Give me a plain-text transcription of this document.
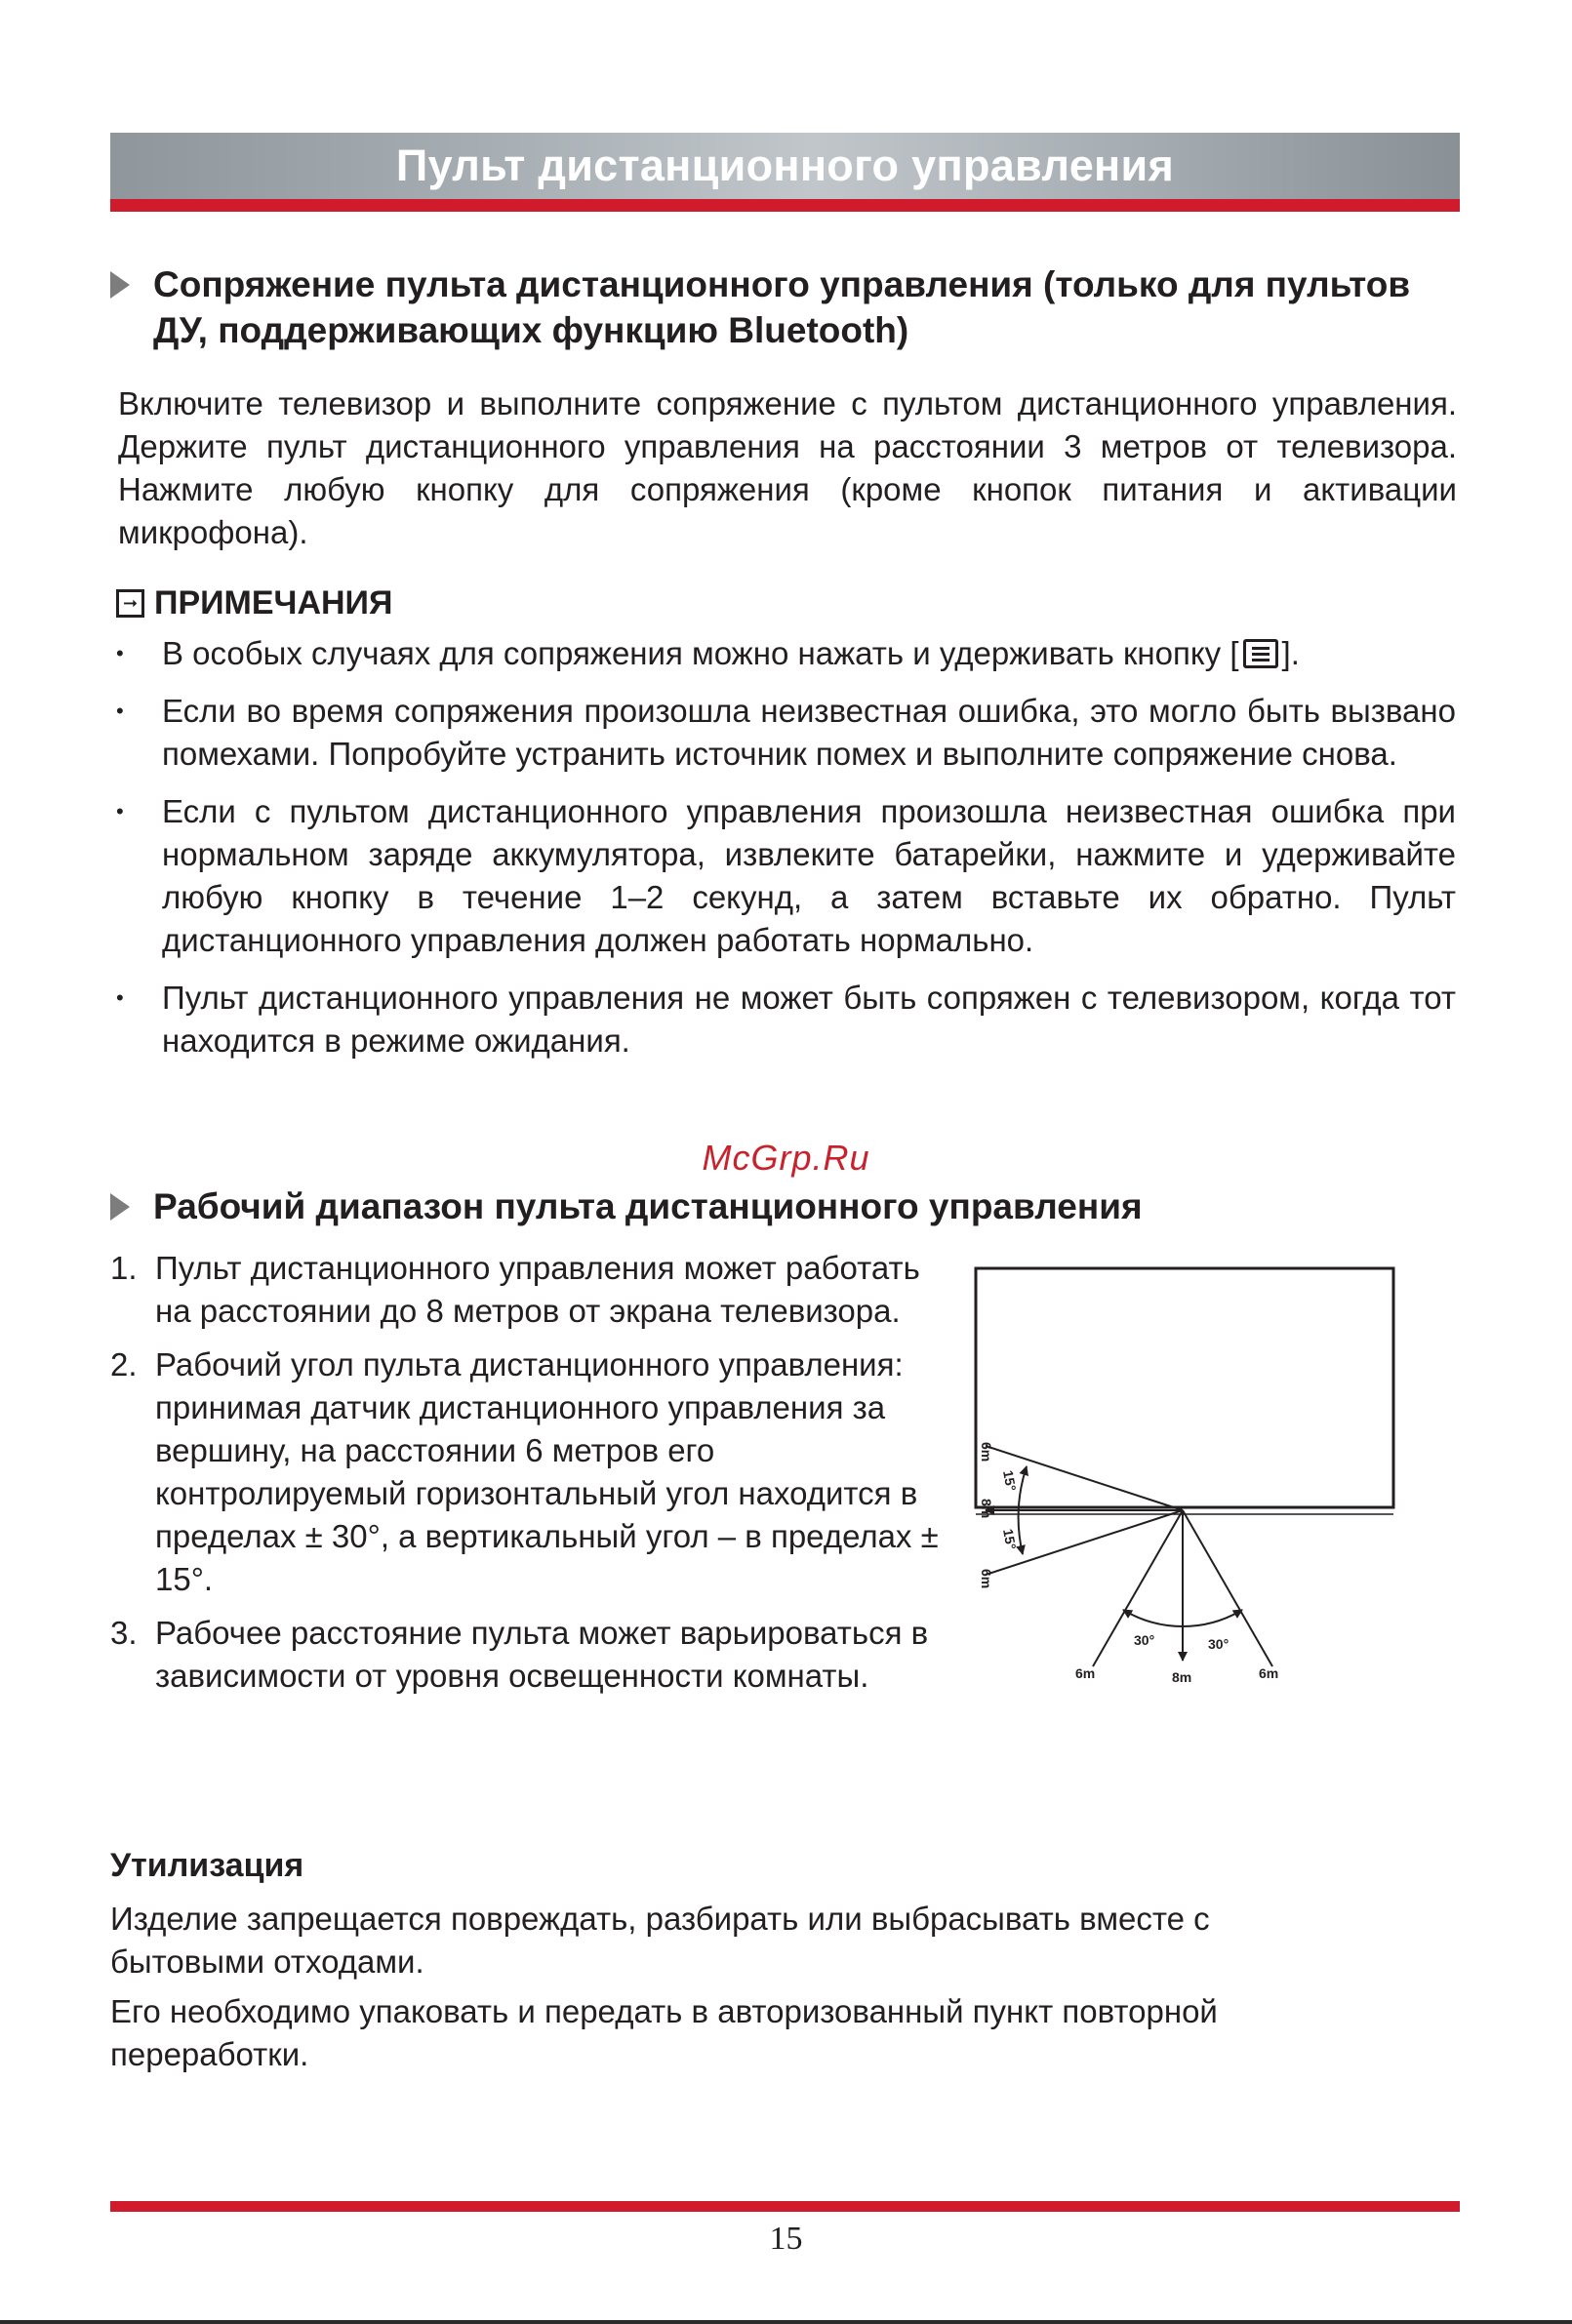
Пульт дистанционного управления
Сопряжение пульта дистанционного управления (только для пультов ДУ, поддерживающих функцию Bluetooth)

Включите телевизор и выполните сопряжение с пультом дистанционного управления. Держите пульт дистанционного управления на расстоянии 3 метров от телевизора. Нажмите любую кнопку для сопряжения (кроме кнопок питания и активации микрофона).

➞ ПРИМЕЧАНИЯ
• В особых случаях для сопряжения можно нажать и удерживать кнопку [ ].
• Если во время сопряжения произошла неизвестная ошибка, это могло быть вызвано помехами. Попробуйте устранить источник помех и выполните сопряжение снова.
• Если с пультом дистанционного управления произошла неизвестная ошибка при нормальном заряде аккумулятора, извлеките батарейки, нажмите и удерживайте любую кнопку в течение 1–2 секунд, а затем вставьте их обратно. Пульт дистанционного управления должен работать нормально.
• Пульт дистанционного управления не может быть сопряжен с телевизором, когда тот находится в режиме ожидания.
McGrp.Ru
Рабочий диапазон пульта дистанционного управления
1. Пульт дистанционного управления может работать на расстоянии до 8 метров от экрана телевизора.
2. Рабочий угол пульта дистанционного управления: принимая датчик дистанционного управления за вершину, на расстоянии 6 метров его контролируемый горизонтальный угол находится в пределах ± 30°, а вертикальный угол – в пределах ± 15°.
3. Рабочее расстояние пульта может варьироваться в зависимости от уровня освещенности комнаты.
6m
8m
6m
15°
15°
30°	30°
6m	8m	6m
Утилизация

Изделие запрещается повреждать, разбирать или выбрасывать вместе с бытовыми отходами.

Его необходимо упаковать и передать в авторизованный пункт повторной переработки.

15
